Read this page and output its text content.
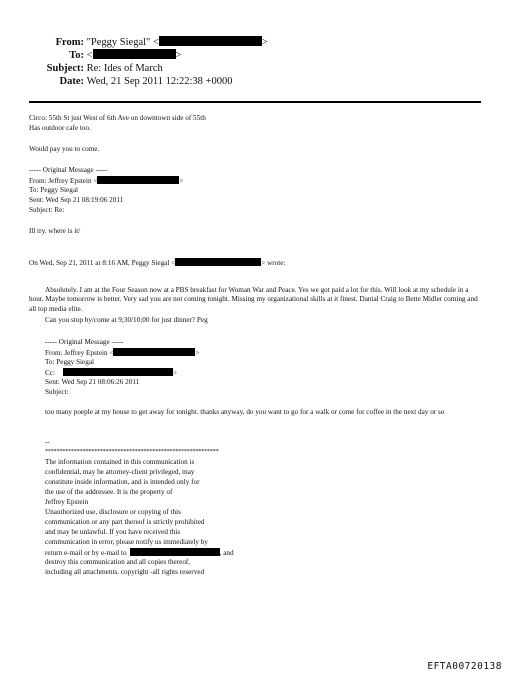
From: "Peggy Siegal" <	>
To: <	>
Subject: Re: Ides of March
Date: Wed, 21 Sep 2011 12:22:38 +0000
Circo: 55th St just West of 6th Ave on downtown side of 55th
Has outdoor cafe too.
Would pay you to come.
----- Original Message -----
From: Jeffrey Epstein <	>
To: Peggy Siegal
Sent: Wed Sep 21 08:19:06 2011
Subject: Re:
Ill try. where is it/
On Wed, Sep 21, 2011 at 8:16 AM, Peggy Siegal <	> wrote:
Absolutely. I am at the Four Season now at a PBS breakfast for Woman War and Peace. Yes we got paid a lot for this. Will look at my schedule in a hour. Maybe tomorrow is better. Very sad you are not coming tonight. Missing my organizational skills at it finest. Danial Craig to Bette Midler coming and all top media elite.
Can you stop by/come at 9;30/10;00 for just dinner? Peg
----- Original Message -----
From: Jeffrey Epstein <	>
To: Peggy Siegal
Cc:	>
Sent: Wed Sep 21 08:06:26 2011
Subject:
too many poeple at my house to get away for tonight. thanks anyway, do you want to go for a walk or come for coffee in the next day or so
--
************************************************************
The information contained in this communication is
confidential, may be attorney-client privileged, may
constitute inside information, and is intended only for
the use of the addressee. It is the property of
Jeffrey Epstein
Unauthorized use, disclosure or copying of this
communication or any part thereof is strictly prohibited
and may be unlawful. If you have received this
communication in error, please notify us immediately by
return e-mail or by e-mail to	, and
destroy this communication and all copies thereof,
including all attachments. copyright -all rights reserved
EFTA00720138
